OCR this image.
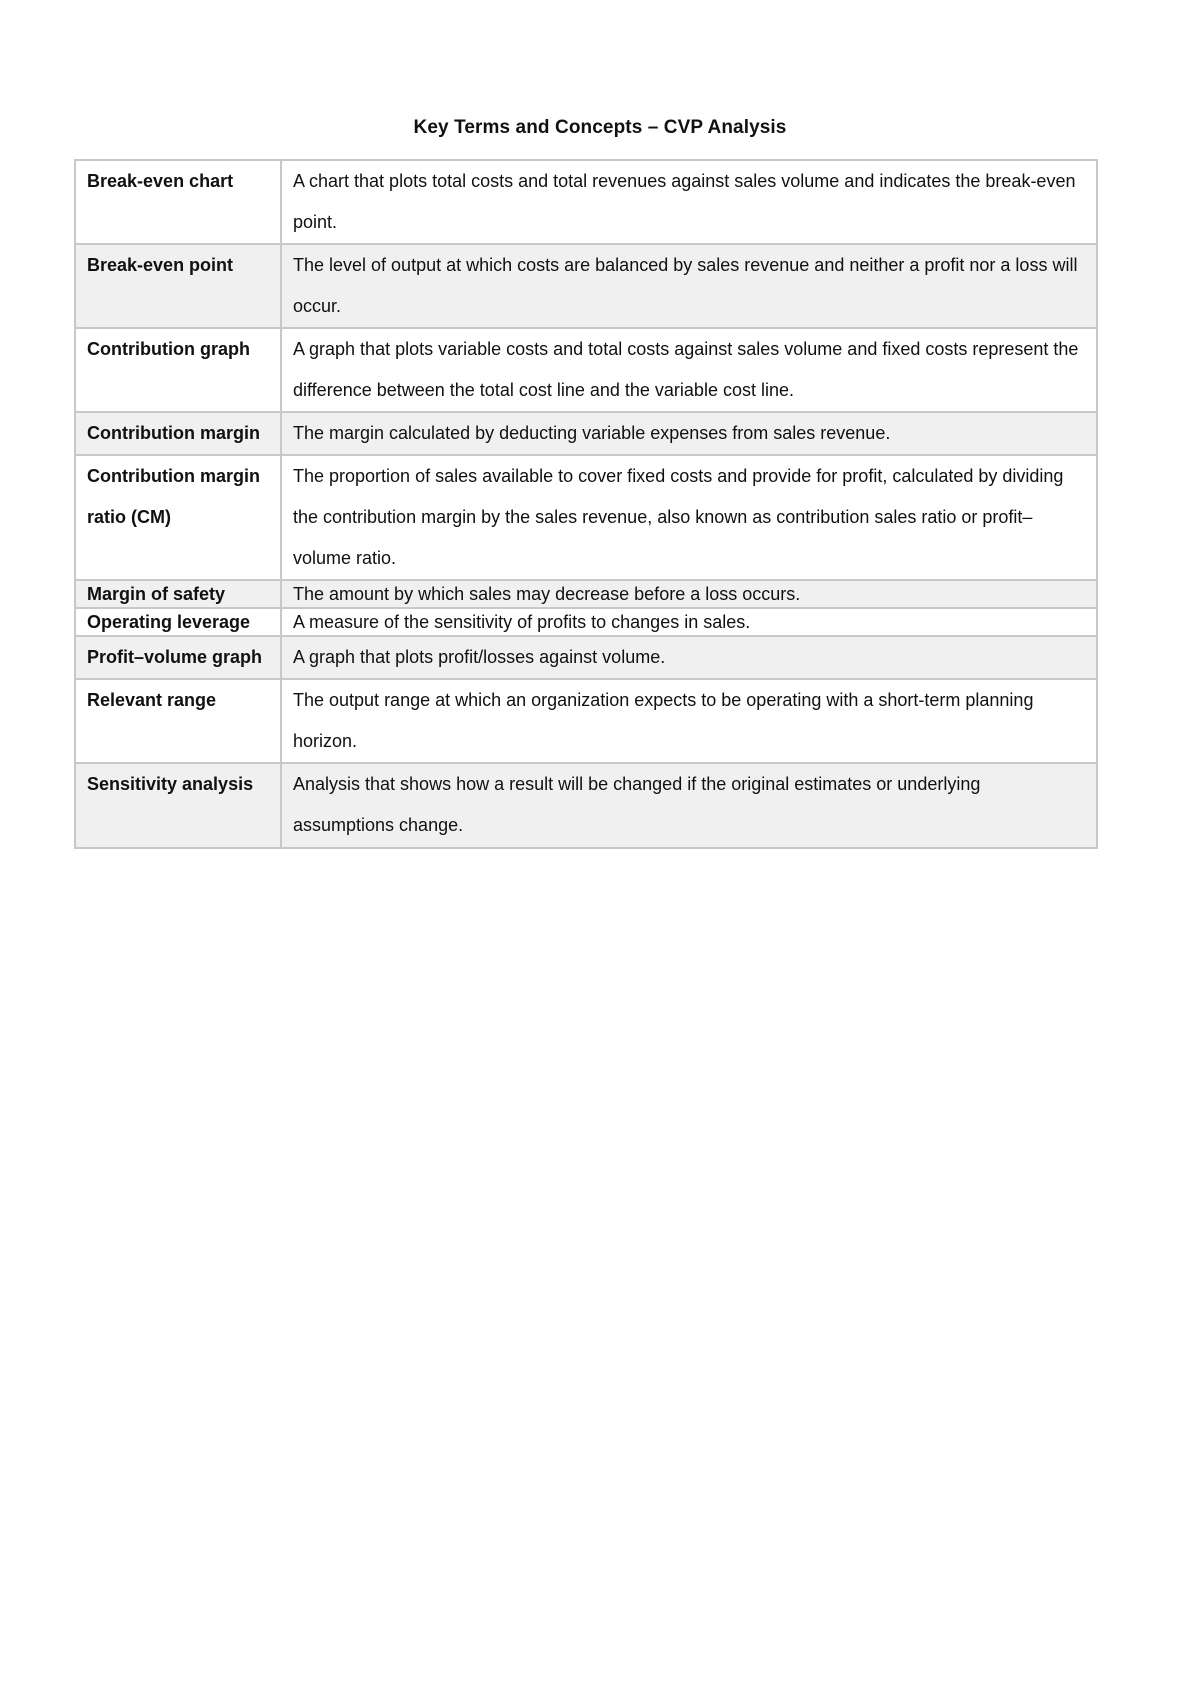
Key Terms and Concepts – CVP Analysis
Break-even chart	A chart that plots total costs and total revenues against sales volume and indicates the break-even point.
Break-even point	The level of output at which costs are balanced by sales revenue and neither a profit nor a loss will occur.
Contribution graph	A graph that plots variable costs and total costs against sales volume and fixed costs represent the difference between the total cost line and the variable cost line.
Contribution margin	The margin calculated by deducting variable expenses from sales revenue.
Contribution margin ratio (CM)	The proportion of sales available to cover fixed costs and provide for profit, calculated by dividing the contribution margin by the sales revenue, also known as contribution sales ratio or profit–volume ratio.
Margin of safety	The amount by which sales may decrease before a loss occurs.
Operating leverage	A measure of the sensitivity of profits to changes in sales.
Profit–volume graph	A graph that plots profit/losses against volume.
Relevant range	The output range at which an organization expects to be operating with a short-term planning horizon.
Sensitivity analysis	Analysis that shows how a result will be changed if the original estimates or underlying assumptions change.
